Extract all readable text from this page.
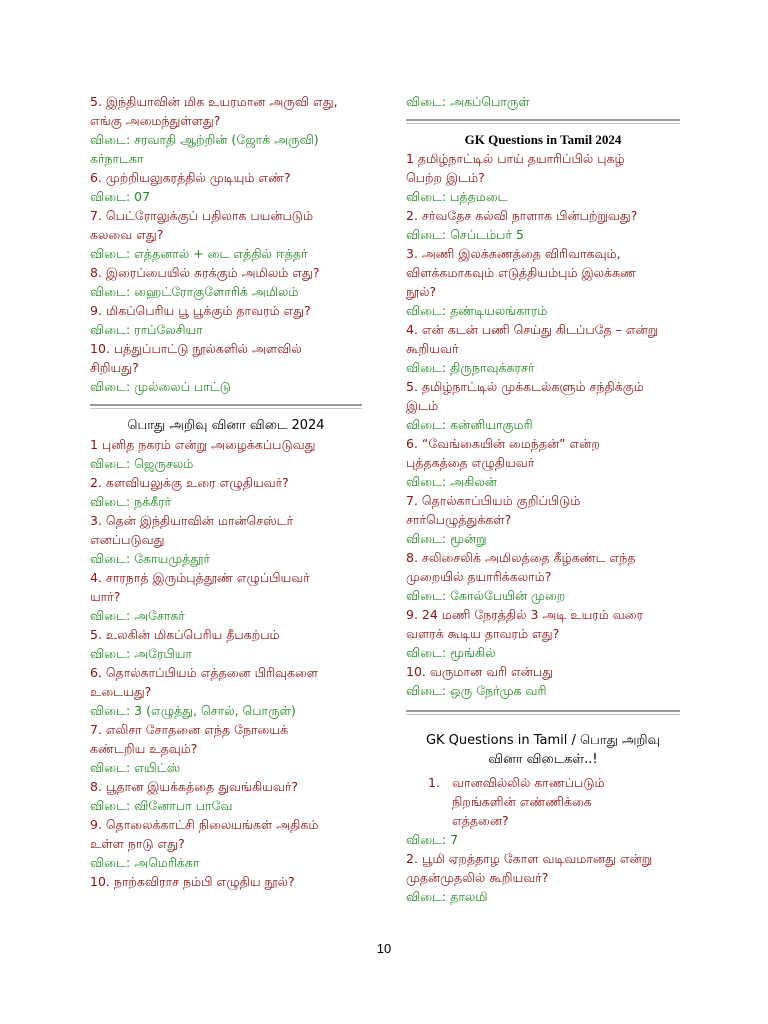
5. இந்தியாவின் மிக உயரமான அருவி எது,
எங்கு அமைந்துள்ளது?
விடை: சரவாதி ஆற்றின் (ஜோக் அருவி)
கர்நாடகா
6. முற்றியலுகரத்தில் முடியும் எண்?
விடை: 07
7. பெட்ரோலுக்குப் பதிலாக பயன்படும்
கலவை எது?
விடை: எத்தனால் + டை எத்தில் ஈத்தர்
8. இரைப்பையில் சுரக்கும் அமிலம் எது?
விடை: ஹைட்ரோகுளோரிக் அமிலம்
9. மிகப்பெரிய பூ பூக்கும் தாவரம் எது?
விடை: ராப்லேசியா
10. பத்துப்பாட்டு நூல்களில் அளவில்
சிறியது?
விடை: முல்லைப் பாட்டு
பொது அறிவு வினா விடை 2024
1 புனித நகரம் என்று அழைக்கப்படுவது
விடை: ஜெருசலம்
2. களவியலுக்கு உரை எழுதியவர்?
விடை: நக்கீரர்
3. தென் இந்தியாவின் மான்செஸ்டர்
எனப்படுவது
விடை: கோயமுத்தூர்
4. சாரநாத் இரும்புத்தூண் எழுப்பியவர்
யார்?
விடை: அசோகர்
5. உலகின் மிகப்பெரிய தீபகற்பம்
விடை: அரேபியா
6. தொல்காப்பியம் எத்தனை பிரிவுகளை
உடையது?
விடை: 3 (எழுத்து, சொல், பொருள்)
7. எலிசா சோதனை எந்த நோயைக்
கண்டறிய உதவும்?
விடை: எயிட்ஸ்
8. பூதான இயக்கத்தை துவங்கியவர்?
விடை: வினோபா பாவே
9. தொலைக்காட்சி நிலையங்கள் அதிகம்
உள்ள நாடு எது?
விடை: அமெரிக்கா
10. நாற்கவிராச நம்பி எழுதிய நூல்?
விடை: அகப்பொருள்
GK Questions in Tamil 2024
1 தமிழ்நாட்டில் பாய் தயாரிப்பில் புகழ்
பெற்ற இடம்?
விடை: பத்தமடை
2. சர்வதேச கல்வி நாளாக பின்பற்றுவது?
விடை: செப்டம்பர் 5
3. அணி இலக்கணத்தை விரிவாகவும்,
விளக்கமாகவும் எடுத்தியம்பும் இலக்கண
நூல்?
விடை: தண்டியலங்காரம்
4. என் கடன் பணி செய்து கிடப்பதே – என்று
கூறியவர்
விடை: திருநாவுக்கரசர்
5. தமிழ்நாட்டில் முக்கடல்களும் சந்திக்கும்
இடம்
விடை: கன்னியாகுமரி
6. “வேங்கையின் மைந்தன்” என்ற
புத்தகத்தை எழுதியவர்
விடை: அகிலன்
7. தொல்காப்பியம் குறிப்பிடும்
சார்பெழுத்துக்கள்?
விடை: மூன்று
8. சலிசைலிக் அமிலத்தை கீழ்கண்ட எந்த
முறையில் தயாரிக்கலாம்?
விடை: கோல்பேயின் முறை
9. 24 மணி நேரத்தில் 3 அடி உயரம் வரை
வளரக் கூடிய தாவரம் எது?
விடை: மூங்கில்
10. வருமான வரி என்பது
விடை: ஒரு நேர்முக வரி
GK Questions in Tamil / பொது அறிவு
வினா விடைகள்..!
1. வானவில்லில் காணப்படும்
நிறங்களின் எண்ணிக்கை
எத்தனை?
விடை: 7
2. பூமி ஏறத்தாழ கோள வடிவமானது என்று
முதன்முதலில் கூறியவர்?
விடை: தாலமி
10
